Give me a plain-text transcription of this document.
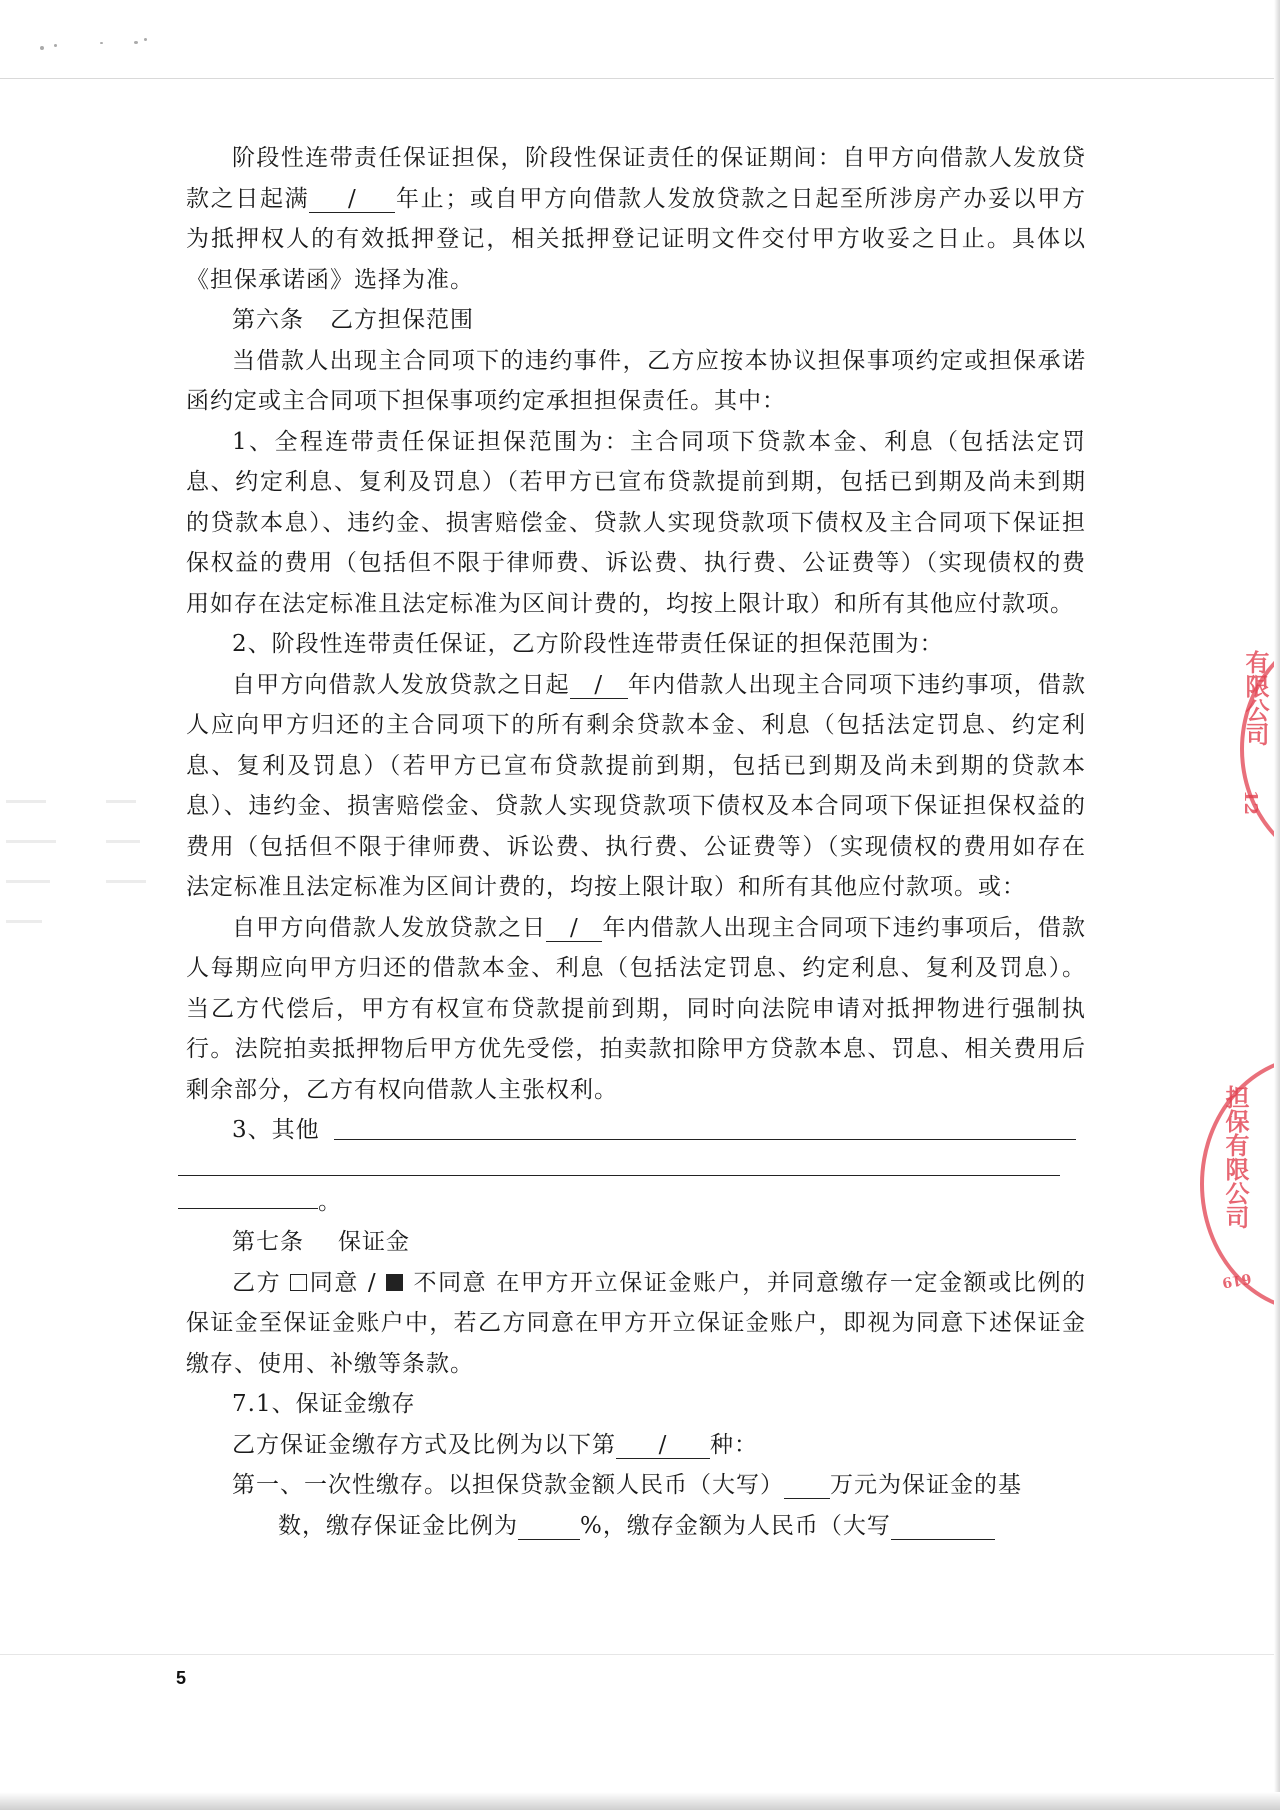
阶段性连带责任保证担保，阶段性保证责任的保证期间：自甲方向借款人发放贷款之日起满 / 年止；或自甲方向借款人发放贷款之日起至所涉房产办妥以甲方为抵押权人的有效抵押登记，相关抵押登记证明文件交付甲方收妥之日止。具体以《担保承诺函》选择为准。

第六条 乙方担保范围

当借款人出现主合同项下的违约事件，乙方应按本协议担保事项约定或担保承诺函约定或主合同项下担保事项约定承担担保责任。其中：

1、全程连带责任保证担保范围为：主合同项下贷款本金、利息（包括法定罚息、约定利息、复利及罚息）（若甲方已宣布贷款提前到期，包括已到期及尚未到期的贷款本息）、违约金、损害赔偿金、贷款人实现贷款项下债权及主合同项下保证担保权益的费用（包括但不限于律师费、诉讼费、执行费、公证费等）（实现债权的费用如存在法定标准且法定标准为区间计费的，均按上限计取）和所有其他应付款项。

2、阶段性连带责任保证，乙方阶段性连带责任保证的担保范围为：

自甲方向借款人发放贷款之日起 / 年内借款人出现主合同项下违约事项，借款人应向甲方归还的主合同项下的所有剩余贷款本金、利息（包括法定罚息、约定利息、复利及罚息）（若甲方已宣布贷款提前到期，包括已到期及尚未到期的贷款本息）、违约金、损害赔偿金、贷款人实现贷款项下债权及本合同项下保证担保权益的费用（包括但不限于律师费、诉讼费、执行费、公证费等）（实现债权的费用如存在法定标准且法定标准为区间计费的，均按上限计取）和所有其他应付款项。或：

自甲方向借款人发放贷款之日 / 年内借款人出现主合同项下违约事项后，借款人每期应向甲方归还的借款本金、利息（包括法定罚息、约定利息、复利及罚息）。当乙方代偿后，甲方有权宣布贷款提前到期，同时向法院申请对抵押物进行强制执行。法院拍卖抵押物后甲方优先受偿，拍卖款扣除甲方贷款本息、罚息、相关费用后剩余部分，乙方有权向借款人主张权利。

3、其他

。

第七条 保证金

乙方 同意 / 不同意 在甲方开立保证金账户，并同意缴存一定金额或比例的保证金至保证金账户中，若乙方同意在甲方开立保证金账户，即视为同意下述保证金缴存、使用、补缴等条款。

7.1、保证金缴存

乙方保证金缴存方式及比例为以下第 / 种：

第一、一次性缴存。以担保贷款金额人民币（大写） 万元为保证金的基

数，缴存保证金比例为	%，缴存金额为人民币（大写

有限公司
12
担保有限公司
619
5
